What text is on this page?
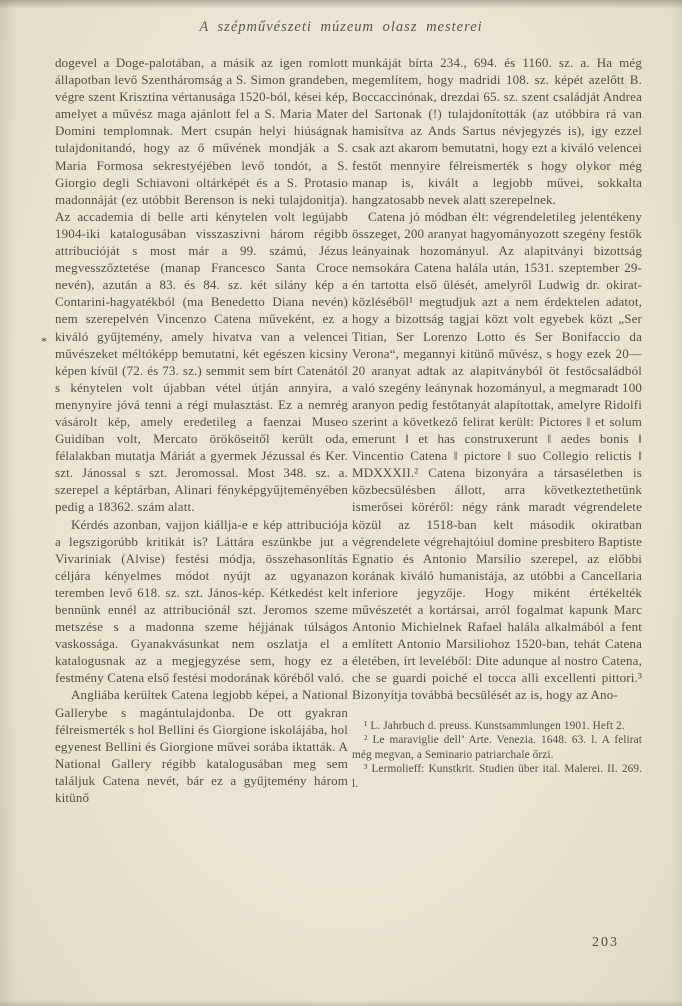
A szépművészeti múzeum olasz mesterei
*

dogevel a Doge-palotában, a másik az igen romlott állapotban levő Szentháromság a S. Simon grandeben, végre szent Krisztina vértanusága 1520-ból, kései kép, amelyet a művész maga ajánlott fel a S. Maria Mater Domini templomnak. Mert csupán helyi hiúságnak tulajdonitandó, hogy az ő művének mondják a S. Maria Formosa sekrestyéjében levő tondót, a S. Giorgio degli Schiavoni oltárképét és a S. Protasio madonnáját (ez utóbbit Berenson is neki tulajdonitja). Az accademia di belle arti kénytelen volt legújabb 1904-iki katalogusában visszaszivni három régibb attribucióját s most már a 99. számú, Jézus megvesszőztetése (manap Francesco Santa Croce nevén), azután a 83. és 84. sz. két silány kép a Contarini-hagyatékból (ma Benedetto Diana nevén) nem szerepelvén Vincenzo Catena műveként, ez a kiváló gyűjtemény, amely hivatva van a velencei művészeket méltóképp bemutatni, két egészen kicsiny képen kívül (72. és 73. sz.) semmit sem bírt Catenától s kénytelen volt újabban vétel útján annyira, a menynyire jóvá tenni a régi mulasztást. Ez a nemrég vásárolt kép, amely eredetileg a faenzai Museo Guidiban volt, Mercato örököseitől került oda, félalakban mutatja Máriát a gyermek Jézussal és Ker. szt. Jánossal s szt. Jeromossal. Most 348. sz. a. szerepel a képtárban, Alinari fényképgyűjteményében pedig a 18362. szám alatt.

Kérdés azonban, vajjon kiállja-e e kép attribuciója a legszigorúbb kritikát is? Láttára eszünkbe jut a Vivariniak (Alvise) festési módja, összehasonlítás céljára kényelmes módot nyújt az ugyanazon teremben levő 618. sz. szt. János-kép. Kétkedést kelt bennünk ennél az attribuciónál szt. Jeromos szeme metszése s a madonna szeme héjjának túlságos vaskossága. Gyanakvásunkat nem oszlatja el a katalogusnak az a megjegyzése sem, hogy ez a festmény Catena első festési modorának köréből való.

Angliába kerültek Catena legjobb képei, a National Gallerybe s magántulajdonba. De ott gyakran félreismerték s hol Bellini és Giorgione iskolájába, hol egyenest Bellini és Giorgione művei sorába iktatták. A National Gallery régibb katalogusában meg sem találjuk Catena nevét, bár ez a gyűjtemény három kitünő

munkáját bírta 234., 694. és 1160. sz. a. Ha még megemlítem, hogy madridi 108. sz. képét azelőtt B. Boccaccinónak, drezdai 65. sz. szent családját Andrea del Sartonak (!) tulajdonították (az utóbbira rá van hamisítva az Ands Sartus névjegyzés is), igy ezzel csak azt akarom bemutatni, hogy ezt a kiváló velencei festőt mennyire félreismerték s hogy olykor még manap is, kivált a legjobb művei, sokkalta hangzatosabb nevek alatt szerepelnek.

Catena jó módban élt: végrendeletileg jelentékeny összeget, 200 aranyat hagyományozott szegény festők leányainak hozományul. Az alapitványi bizottság nemsokára Catena halála után, 1531. szeptember 29-én tartotta első ülését, amelyről Ludwig dr. okirat-közléséből¹ megtudjuk azt a nem érdektelen adatot, hogy a bizottság tagjai közt volt egyebek közt „Ser Titian, Ser Lorenzo Lotto és Ser Bonifaccio da Verona“, megannyi kitünő művész, s hogy ezek 20—20 aranyat adtak az alapitványból öt festőcsaládból való szegény leánynak hozományul, a megmaradt 100 aranyon pedig festőtanyát alapítottak, amelyre Ridolfi szerint a következő felirat került: Pictores ‖ et solum emerunt ‖ et has construxerunt ‖ aedes bonis ‖ Vincentio Catena ‖ pictore ‖ suo Collegio relictis ‖ MDXXXII.² Catena bizonyára a társaséletben is közbecsülésben állott, arra következtethetünk ismerősei köréről: négy ránk maradt végrendelete közül az 1518-ban kelt második okiratban végrendelete végrehajtóiul domine presbitero Baptiste Egnatio és Antonio Marsilio szerepel, az előbbi korának kiváló humanistája, az utóbbi a Cancellaria inferiore jegyzője. Hogy miként értékelték művészetét a kortársai, arról fogalmat kapunk Marc Antonio Michielnek Rafael halála alkalmából a fent említett Antonio Marsiliohoz 1520-ban, tehát Catena életében, írt leveléből: Dite adunque al nostro Catena, che se guardi poiché el tocca alli excellenti pittori.³ Bizonyítja továbbá becsülését az is, hogy az Ano-

¹ L. Jahrbuch d. preuss. Kunstsammlungen 1901. Heft 2.

² Le maraviglie dell’ Arte. Venezia. 1648. 63. l. A felirat még megvan, a Seminario patriarchale őrzi.

³ Lermolieff: Kunstkrit. Studien über ital. Malerei. II. 269. l.

203
